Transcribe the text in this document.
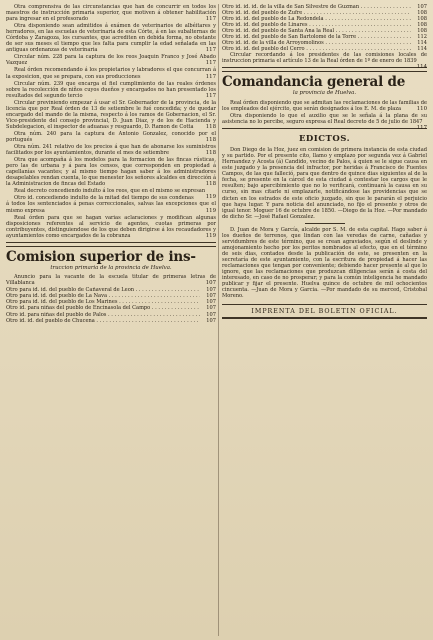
Otra comprensiva de las circunstancias que han de concurrir en todos los maestros de instrucción primaria superior, que motiven á obtener habilitación para ingresar en el profesorado	117

Otra disponiendo sean admitidos á exámen de veterinarios de albéitares y herradores, en las escuelas de veterinaria de esta Córte, á en las subalternas de Córdoba y Zaragoza, los cursantes, que acrediten en debida forma, no obstante de ser sus meses el tiempo que les falta para cumplir la edad señalada en las antiguas ordenanzas de veterinaria	117

Circular núm. 228 para la captura de los reos Joaquin Franco y José Abado Vazquez	117

Real órden recomendando á los propietarios y labradores el que concurran á la exposicion, que se prepara, con sus producciones	117

Circular núm. 239 que encarga el fiel cumplimiento de las reales órdenes sobre la recolección de niños cuyos dueños y encargados no han presentado los resultados del segundo tercio	117

Circular previniendo empezar á usar el Sr. Gobernador de la provincia, de la licencia que por Real órden de 13 de setiembre le fué concedida; y de quedar encargado del mando de la misma, respecto á los ramos de Gobernacion, el Sr. Vice-presidente del consejo provincial, D. Juan Diaz, y de los de Hacienda y Subdelegacion, el inspector de aduanas y resguardo, D. Ramon de Cotta	118

Otra núm. 240 para la captura de Antonio Gonzalez, conocido por el portugués	118

Otra núm. 241 relativo de los precios á que han de abonarse los suministros facilitados por los ayuntamientos, durante el mes de setiembre	118

Otra que acompaña á los modelos para la formacion de las fincas rústicas, pero las de urbana y á para los censos, que corresponden en propiedad á capellanías vacantes; y al mismo tiempo hagan saber á los administradores desapelables rendan cuenta, lo que menester los señores alcaldes en dirección á la Administracion de fincas del Estado	118

Real decreto concediendo indulto á los reos, que en el mismo se expresan
119

Otro id. concediendo indulto de la mitad del tiempo de sus condenas á todos los sentenciados á penas correccionales, salvas las excepciones que el mismo expresa	119

Real órden para que se hagan varias aclaraciones y modifican algunas disposiciones referentes al servicio de agentes, cuotas primeras por contribuyentes, distinguiendose de los que deben dirigirse á los recaudadores y ayuntamientos como encargados de la cobranza	119

Comision superior de ins-
truccion primaria de la provincia de Huelva.

Anuncio para la vacante de la escuela titular de primeras letras de Villablanca	107

Otro para id. id. del pueblo de Cañaveral de Leon . . .	107
Otro para id. id. del pueblo de La Nava . . .	107
Otro para id. id. del pueblo de Los Marines . . .	107
Otro id. para niñas del pueblo de Encinasola del Campo . . .	107
Otro id. para niñas del pueblo de Palos . . .	107
Otro id. id. del pueblo de Chucena . . .	107
Otro id. id. id. de la villa de San Silvestre de Guzman . . .	107
Otro id. id. del pueblo de Zufre . . .	108
Otro id. id. del pueblo de La Redondela . . .	108
Otro id. id. del pueblo de Linares . . .	108
Otro id. id. del pueblo de Santa Ana la Real . . .	108
Otro id. id. del pueblo de San Bartolomé de la Torre . . .	112
Otro id. id. de la villa de Arroyomolinos . . .	114
Otro id. id. del pueblo del Cerro . . .	114

Circular recordando á los presidentes de las comisiones locales de instruccion primaria el artículo 13 de la Real órden de 1º de enero de 1839
114

Comandancia general de
la provincia de Huelva.

Real órden disponiendo que se admitan las reclamaciones de las familias de los empleados del ejército, que serán designados á los E. M. de plaza	110

Otra disponiendo lo que el auxilio que se le señala á la plana de su asistencia no lo percibe, seguro expresa el Real decreto de 5 de julio de 1847
117

EDICTOS.

Don Diego de la Hoz, juez en comision de primera instancia de esta ciudad y su partido. Por el presente cito, llamo y emplazo por segunda vez á Gabriel Hernandez y Acosta (á) Candido, vecino de Palos, á quien se le sigue causa en este juzgado y la presencia del infractor, por heridas á Francisco de Fuentes Campos, de las que falleció, para que dentro de quince dias siguientes al de la fecha, se presente en la cárcel de esta ciudad á contestar los cargos que le resulten; bajo apercibimiento que no lo verificará, continuará la causa en su curso, sin mas citarle ni emplazarle, notificándose las providencias que se dicten en los estrados de este oficio juzgado, sin que le pararán el perjuicio que haya lugar. Y para noticia del anunciado, no fijo el presente y otros de igual tenor. Moguer 16 de octubre de 1850. —Diego de la Hoz. —Por mandado de dicho Sr. —José Rafael Gonzalez.

D. Juan de Mora y García, alcalde por S. M. de esta capital. Hago saber á los dueños de terrenos, que lindan con las veredas de carne, cañadas y servidumbres de este término, que se crean agraviados, según el deslinde y amojonamiento hecho por los peritos nombrados al efecto, que en el término de seis dias, contados desde la publicación de este, se presenten en la secretaría de este ayuntamiento, con la escritura de propiedad á hacer las reclamaciones que tengan por conveniente; debiendo hacer presente al que lo ignore, que las reclamaciones que produzcan diligencias serán á costa del interesado, en caso de no prosperar; y para la común inteligencia he mandado publicar y fijar el presente. Huelva quince de octubre de mil ochocientos cincuenta. —Juan de Mora y Garcia. —Por mandado de su merced, Cristobal Moreno.

IMPRENTA DEL BOLETIN OFICIAL.
